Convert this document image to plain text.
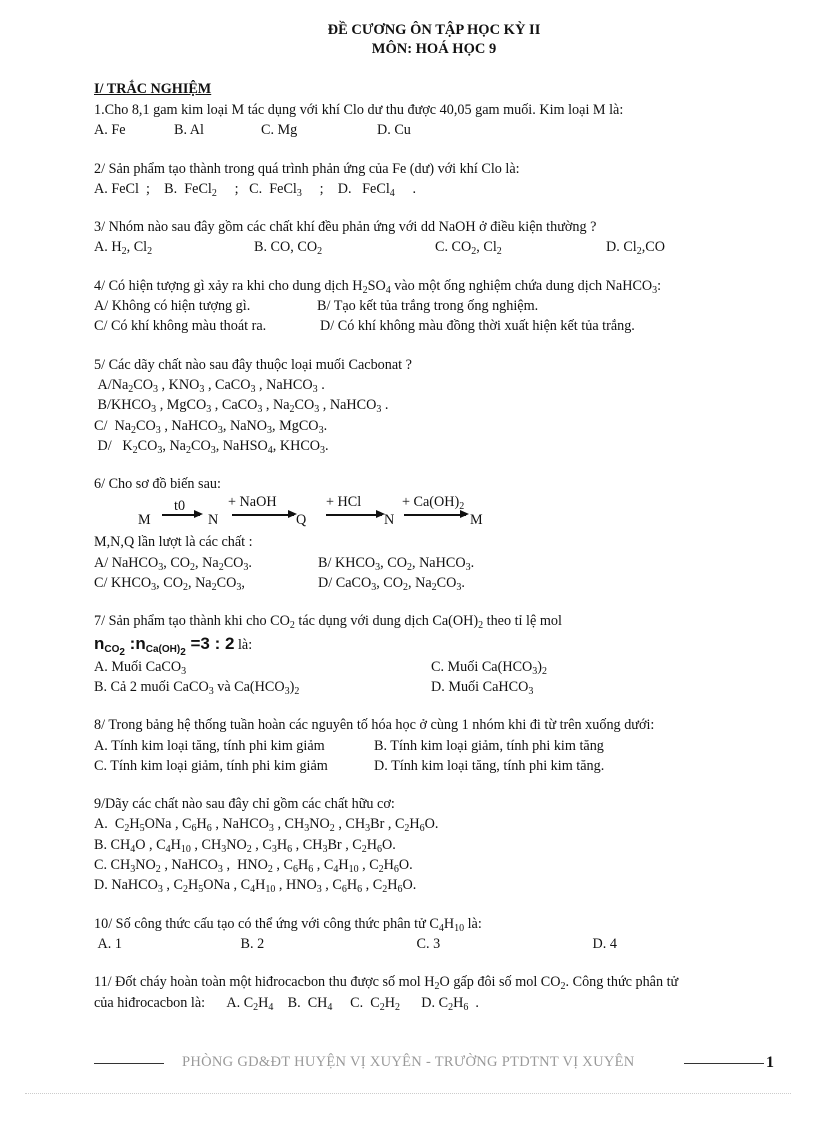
ĐỀ CƯƠNG ÔN TẬP HỌC KỲ II
MÔN: HOÁ HỌC 9
I/ TRẮC NGHIỆM
1.Cho 8,1 gam kim loại M tác dụng với khí Clo dư thu được 40,05 gam muối. Kim loại M là:
A. Fe	B. Al	C. Mg	D. Cu
2/ Sản phẩm tạo thành trong quá trình phản ứng của Fe (dư) với khí Clo là:
A. FeCl  ;    B.  FeCl$_2$     ;   C.  FeCl$_3$     ;    D.   FeCl$_4$     .
3/ Nhóm nào sau đây gồm các chất khí đều phản ứng với dd NaOH ở điều kiện thường ?
A. $H_2$, $Cl_2$	B. CO, $CO_2$	C. $CO_2$, $Cl_2$	D. $Cl_2,CO$
4/ Có hiện tượng gì xảy ra khi cho dung dịch $H_2SO_4$ vào một ống nghiệm chứa dung dịch NaHCO$_3$:
A/ Không có hiện tượng gì.	B/ Tạo kết tủa trắng trong ống nghiệm.
C/ Có khí không màu thoát ra.	D/ Có khí không màu đồng thời xuất hiện kết tủa trắng.
5/ Các dãy chất nào sau đây thuộc loại muối Cacbonat ?
$A/Na_2CO_3$ , $KNO_3$ , CaCO$_3$ , NaHCO$_3$ .
$B/KHCO_3$ , MgCO$_3$ , CaCO$_3$ , $Na_2CO_3$ , NaHCO$_3$ .
C/  $Na_2CO_3$ , NaHCO$_3$, NaNO$_3$, MgCO$_3$.
D/   $K_2CO_3$, $Na_2CO_3$, NaHSO$_4$, $KHCO_3$.
6/ Cho sơ đồ biến sau:
t0	+ NaOH	+ HCl	+ $Ca(OH)_2$
M	N	Q	N	M
M,N,Q lần lượt là các chất :
A/ NaHCO$_3$, $CO_2$, $Na_2CO_3$.	B/ $KHCO_3$, $CO_2$, NaHCO$_3$.
C/ $KHCO_3$, $CO_2$, $Na_2CO_3$,	D/ CaCO$_3$, $CO_2$, $Na_2CO_3$.
7/ Sản phẩm tạo thành khi cho $CO_2$ tác dụng với dung dịch $Ca(OH)_2$ theo tỉ lệ mol
$n_{CO_2}$ $:n_{Ca(OH)_2} =3$ : 2 là:
A. Muối CaCO$_3$	C. Muối $Ca(HCO_3)_2$
B. Cả 2 muối CaCO$_3$ và $Ca(HCO_3)_2$	D. Muối CaHCO$_3$
8/ Trong bảng hệ thống tuần hoàn các nguyên tố hóa học ở cùng 1 nhóm khi đi từ trên xuống dưới:
A. Tính kim loại tăng, tính phi kim giảm	B. Tính kim loại giảm, tính phi kim tăng
C. Tính kim loại giảm, tính phi kim giảm	D. Tính kim loại tăng, tính phi kim tăng.
9/Dãy các chất nào sau đây chỉ gồm các chất hữu cơ:
A.  $C_2H_5ONa$ , $C_6H_6$ , NaHCO$_3$ , $CH_3NO_2$ , $CH_3Br$ , $C_2H_6O$.
B. $CH_4O$ , $C_4H_{10}$ , $CH_3NO_2$ , $C_3H_6$ , $CH_3Br$ , $C_2H_6O$.
C. $CH_3NO_2$ , NaHCO$_3$ ,  $HNO_2$ , $C_6H_6$ , $C_4H_{10}$ , $C_2H_6O$.
D. NaHCO$_3$ , $C_2H_5ONa$ , $C_4H_{10}$ , $HNO_3$ , $C_6H_6$ , $C_2H_6O$.
10/ Số công thức cấu tạo có thể ứng với công thức phân tử $C_4H_{10}$ là:
A. 1	B. 2	C. 3	D. 4
11/ Đốt cháy hoàn toàn một hiđrocacbon thu được số mol $H_2O$ gấp đôi số mol $CO_2$. Công thức phân tử
của hiđrocacbon là:      A. $C_2H_4$    B.  $CH_4$     C.  $C_2H_2$      D. $C_2H_6$  .
PHÒNG GD&ĐT HUYỆN VỊ XUYÊN - TRƯỜNG PTDTNT VỊ XUYÊN	1
